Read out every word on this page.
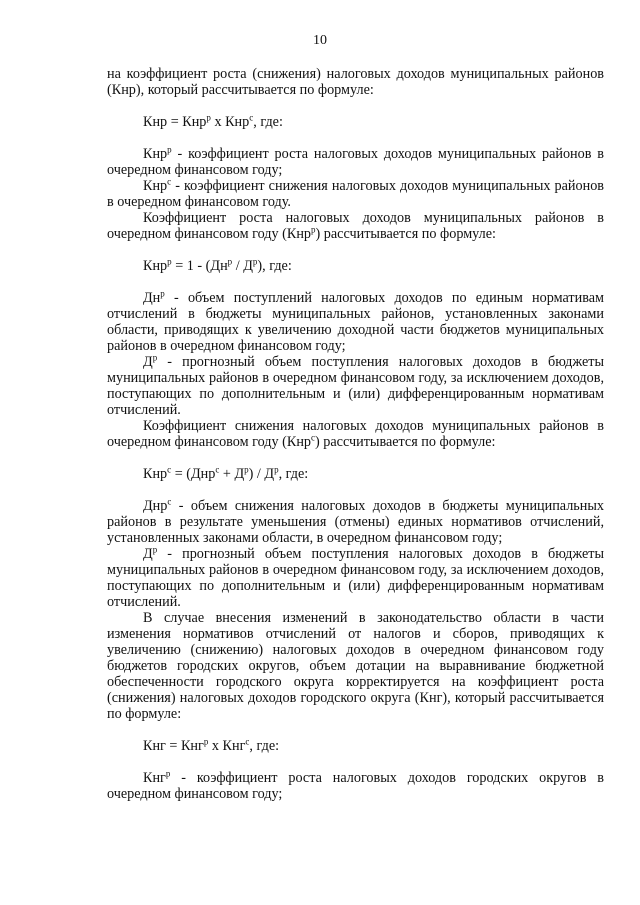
10

на коэффициент роста (снижения) налоговых доходов муниципальных районов (Кнр), который рассчитывается по формуле:

Кнр = Кнр$^р$ х Кнр$^с$, где:

Кнр$^р$ - коэффициент роста налоговых доходов муниципальных районов в очередном финансовом году;

Кнр$^с$ - коэффициент снижения налоговых доходов муниципальных районов в очередном финансовом году.

Коэффициент роста налоговых доходов муниципальных районов в очередном финансовом году (Кнр$^р$) рассчитывается по формуле:

$Кнр^р = 1 - (Дн^р / Д^р)$, где:

$Дн^р$ - объем поступлений налоговых доходов по единым нормативам отчислений в бюджеты муниципальных районов, установленных законами области, приводящих к увеличению доходной части бюджетов муниципальных районов в очередном финансовом году;

$Д^р$ - прогнозный объем поступления налоговых доходов в бюджеты муниципальных районов в очередном финансовом году, за исключением доходов, поступающих по дополнительным и (или) дифференцированным нормативам отчислений.

Коэффициент снижения налоговых доходов муниципальных районов в очередном финансовом году (Кнр$^с$) рассчитывается по формуле:

$Кнр^с = (Днр^с + Д^р) / Д^р$, где:

Днр$^с$ - объем снижения налоговых доходов в бюджеты муниципальных районов в результате уменьшения (отмены) единых нормативов отчислений, установленных законами области, в очередном финансовом году;

$Д^р$ - прогнозный объем поступления налоговых доходов в бюджеты муниципальных районов в очередном финансовом году, за исключением доходов, поступающих по дополнительным и (или) дифференцированным нормативам отчислений.

В случае внесения изменений в законодательство области в части изменения нормативов отчислений от налогов и сборов, приводящих к увеличению (снижению) налоговых доходов в очередном финансовом году бюджетов городских округов, объем дотации на выравнивание бюджетной обеспеченности городского округа корректируется на коэффициент роста (снижения) налоговых доходов городского округа (Кнг), который рассчитывается по формуле:

Кнг = Кнг$^р$ х Кнг$^с$, где:

Кнг$^р$ - коэффициент роста налоговых доходов городских округов в очередном финансовом году;
